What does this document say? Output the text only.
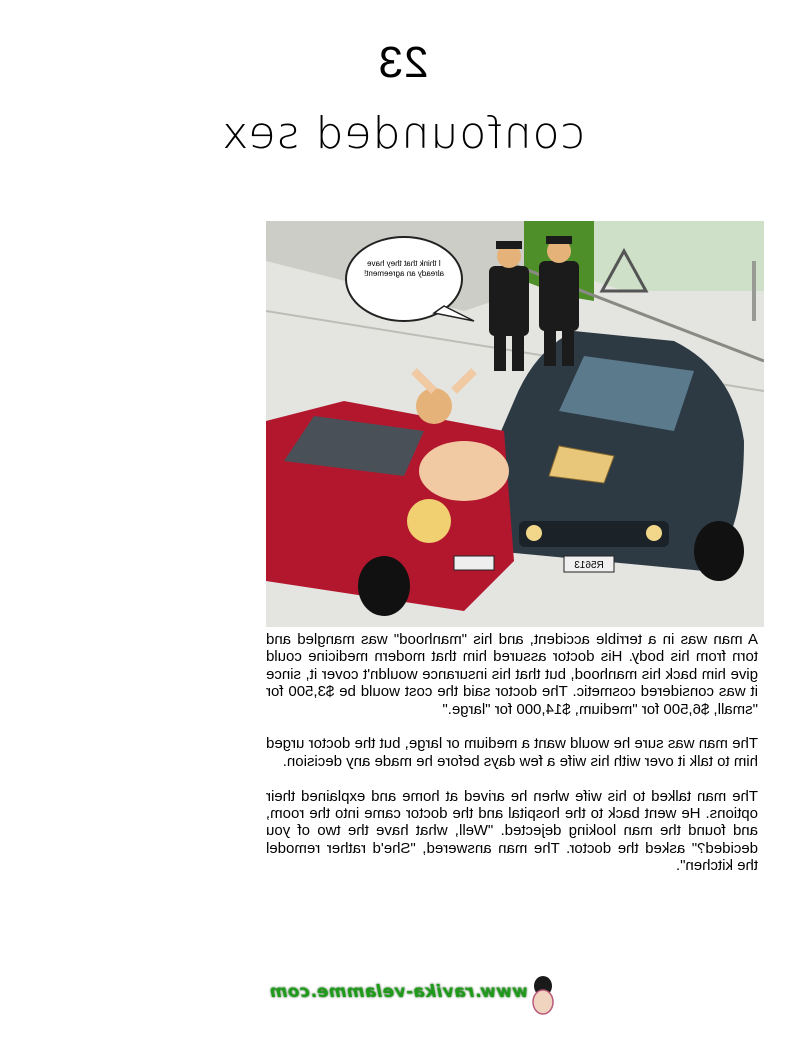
23
confounded sex
R5613
I think that they have already an agreement!

A man was in a terrible accident, and his "manhood" was mangled and torn from his body. His doctor assured him that modern medicine could give him back his manhood, but that his insurance wouldn't cover it, since it was considered cosmetic. The doctor said the cost would be $3,500 for "small, $6,500 for "medium, $14,000 for "large."

The man was sure he would want a medium or large, but the doctor urged him to talk it over with his wife a few days before he made any decision.

The man talked to his wife when he arived at home and explained their options. He went back to the hospital and the doctor came into the room, and found the man looking dejected. "Well, what have the two of you decided?" asked the doctor. The man answered, "She'd rather remodel the kitchen".

www.ravika-velamme.com
